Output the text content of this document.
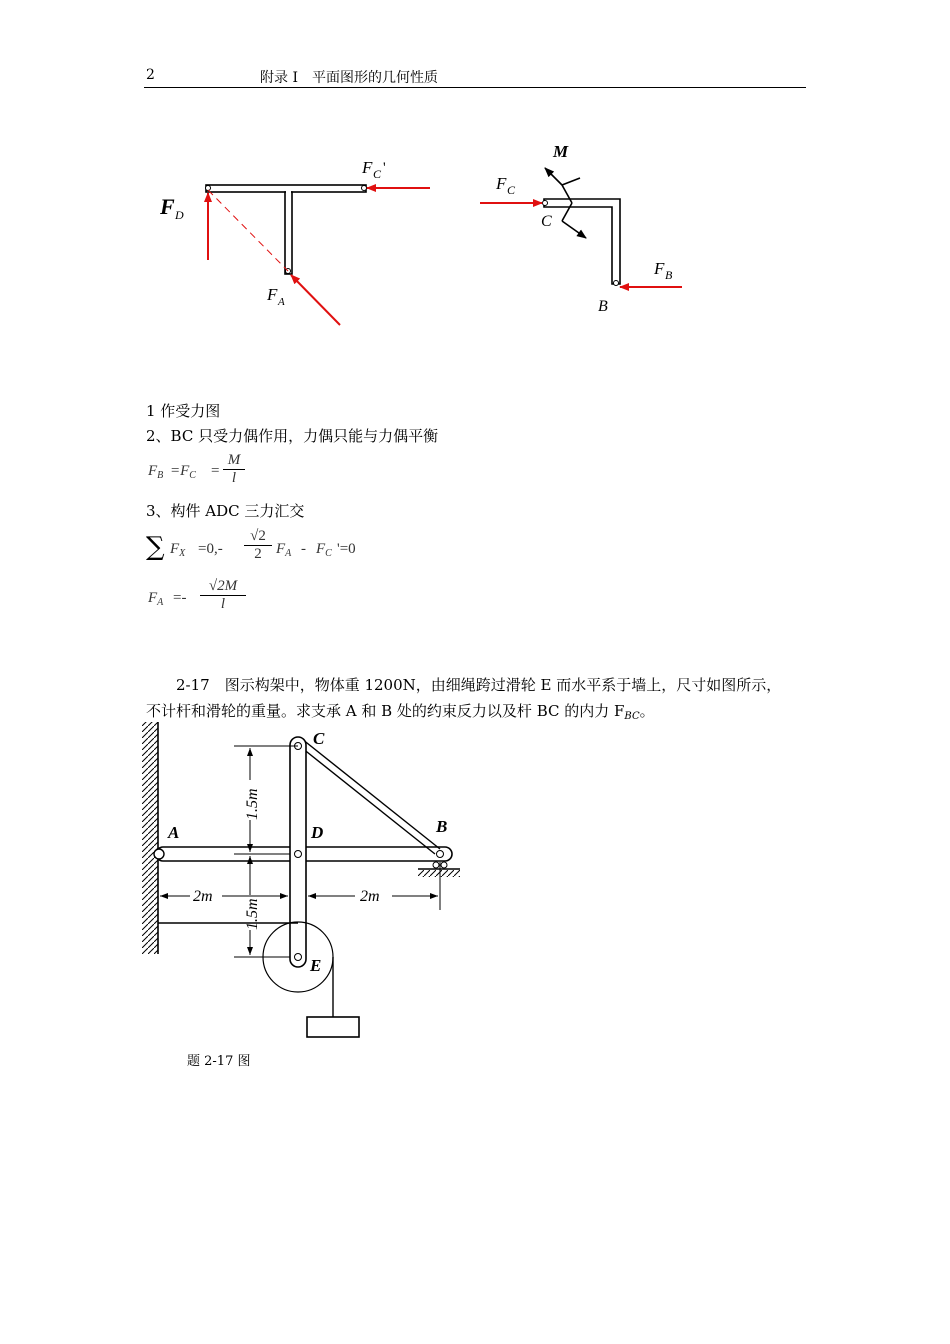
2	附录 I　平面图形的几何性质
F D
F A
F C '
M
F C
C
F B
B
1 作受力图
2、BC 只受力偶作用，力偶只能与力偶平衡
$F_B =F_C = \frac{M}{l}$
3、构件 ADC 三力汇交
∑ $F_X =0,- \frac{√2}{2} F_A - F_C$ '=0
$F_A =- \frac{√2M}{l}$
2-17　图示构架中，物体重 1200N，由细绳跨过滑轮 E 而水平系于墙上，尺寸如图所示，
不计杆和滑轮的重量。求支承 A 和 B 处的约束反力以及杆 BC 的内力 $F_{BC}$。
A	B
C
D
E
1.5m
1.5m
2m	2m
题 2-17 图
